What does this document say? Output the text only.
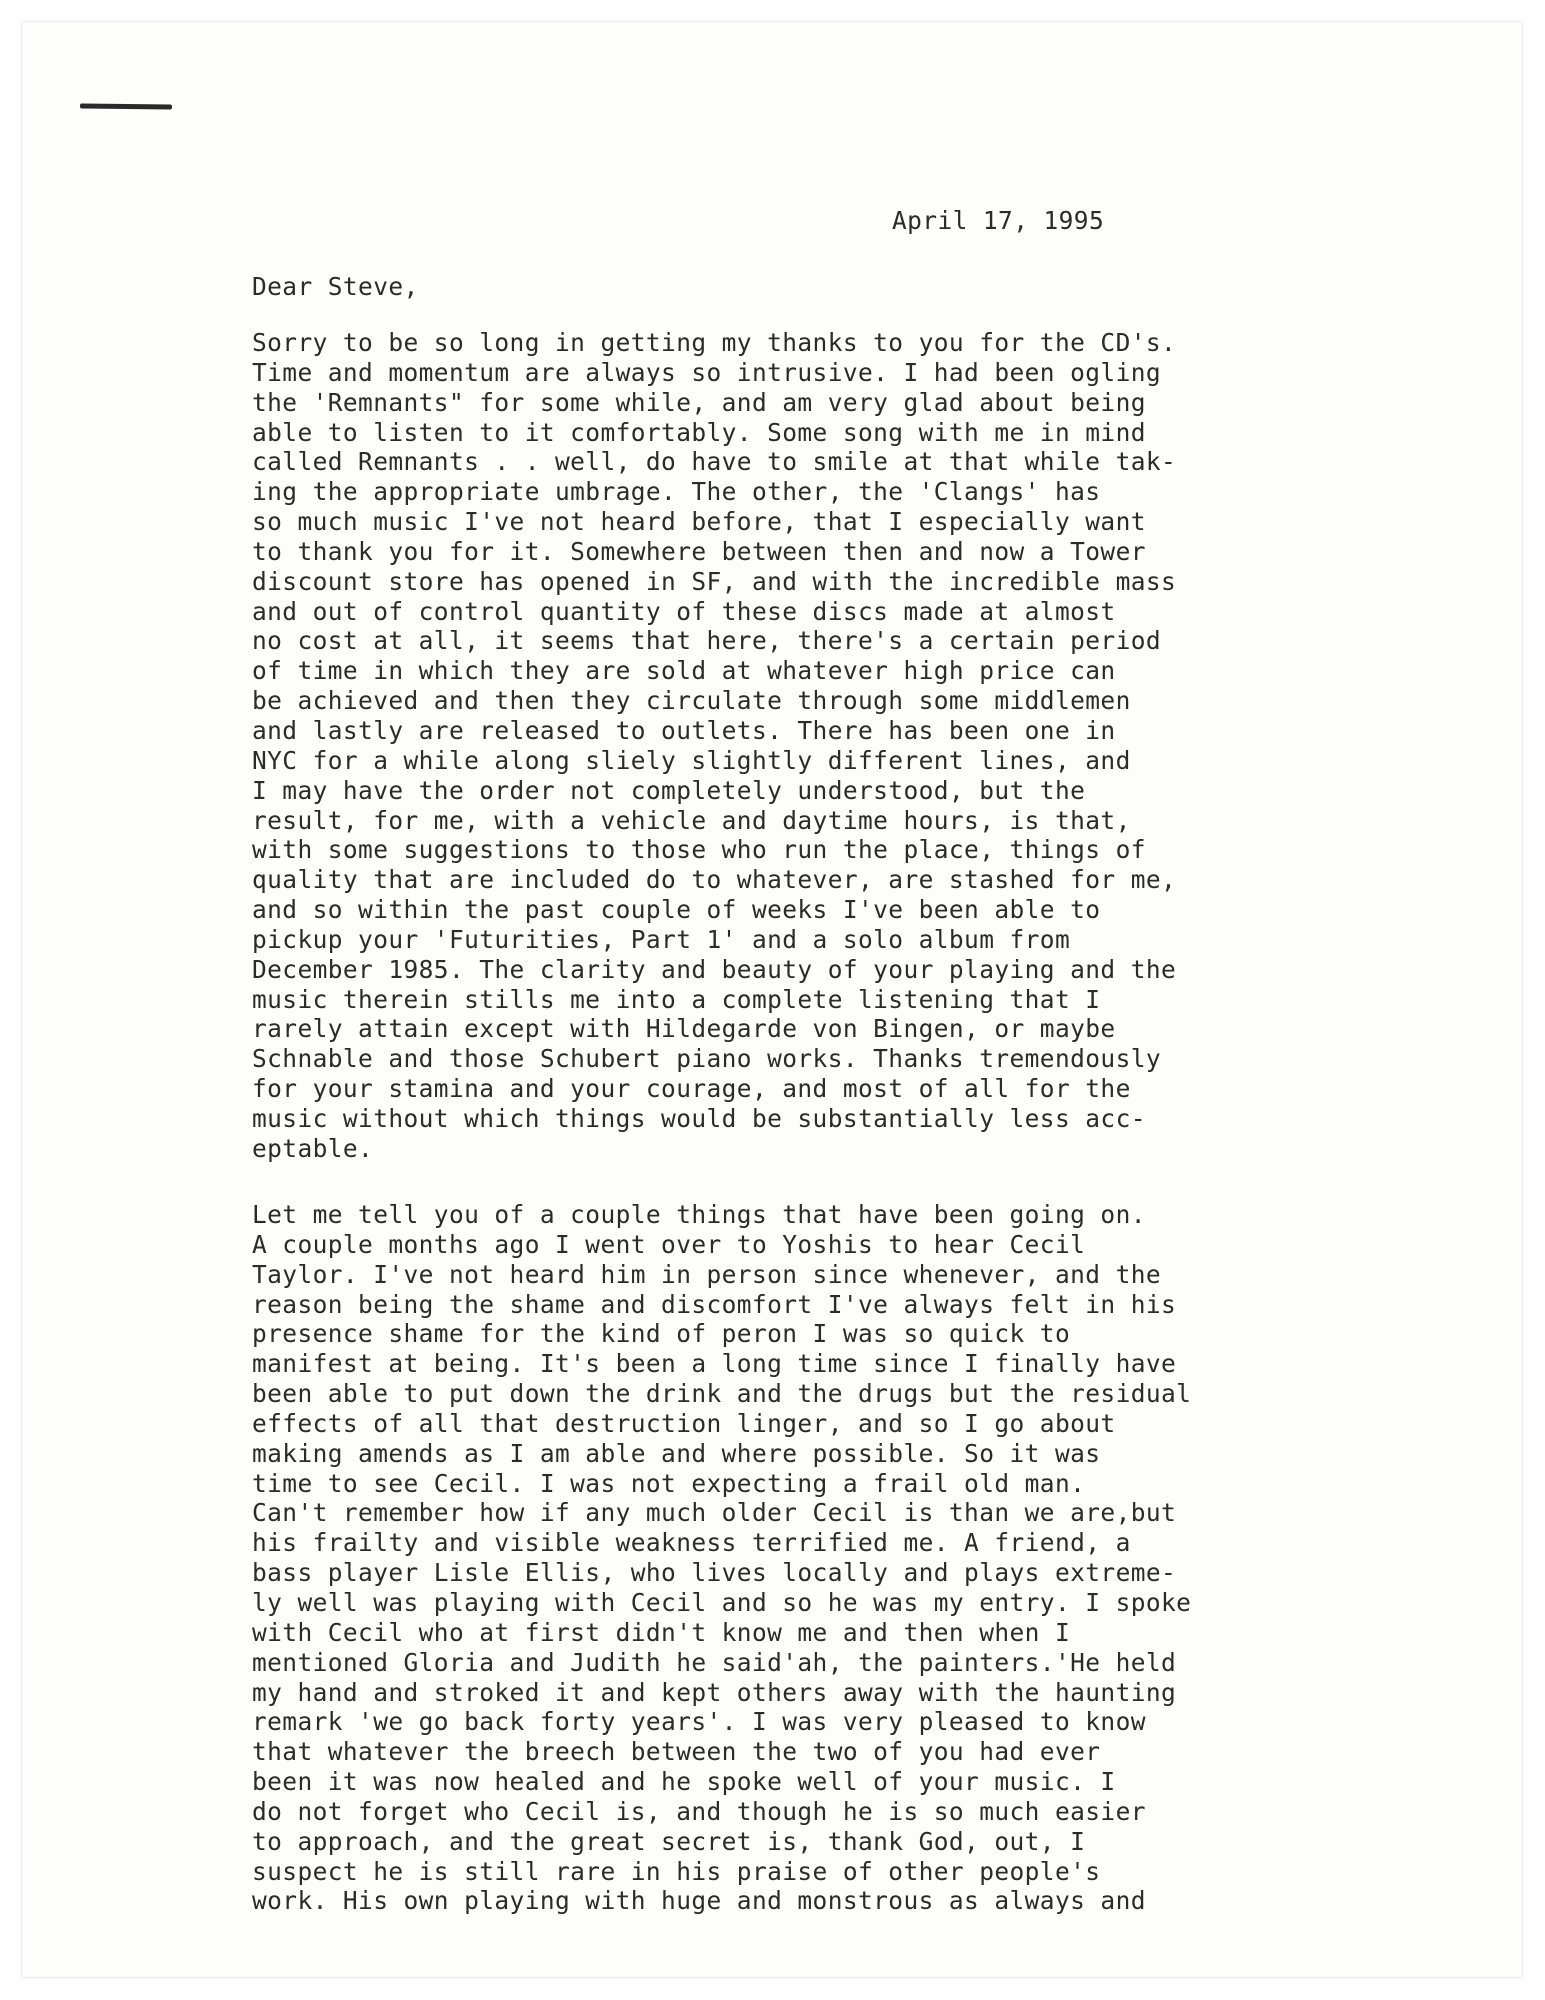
April 17, 1995
Dear Steve,
Sorry to be so long in getting my thanks to you for the CD's.
Time and momentum are always so intrusive. I had been ogling
the 'Remnants" for some while, and am very glad about being
able to listen to it comfortably. Some song with me in mind
called Remnants . . well, do have to smile at that while tak-
ing the appropriate umbrage. The other, the 'Clangs' has
so much music I've not heard before, that I especially want
to thank you for it. Somewhere between then and now a Tower
discount store has opened in SF, and with the incredible mass
and out of control quantity of these discs made at almost
no cost at all, it seems that here, there's a certain period
of time in which they are sold at whatever high price can
be achieved and then they circulate through some middlemen
and lastly are released to outlets. There has been one in
NYC for a while along sliely slightly different lines, and
I may have the order not completely understood, but the
result, for me, with a vehicle and daytime hours, is that,
with some suggestions to those who run the place, things of
quality that are included do to whatever, are stashed for me,
and so within the past couple of weeks I've been able to
pickup your 'Futurities, Part 1' and a solo album from
December 1985. The clarity and beauty of your playing and the
music therein stills me into a complete listening that I
rarely attain except with Hildegarde von Bingen, or maybe
Schnable and those Schubert piano works. Thanks tremendously
for your stamina and your courage, and most of all for the
music without which things would be substantially less acc-
eptable.
Let me tell you of a couple things that have been going on.
A couple months ago I went over to Yoshis to hear Cecil
Taylor. I've not heard him in person since whenever, and the
reason being the shame and discomfort I've always felt in his
presence shame for the kind of peron I was so quick to
manifest at being. It's been a long time since I finally have
been able to put down the drink and the drugs but the residual
effects of all that destruction linger, and so I go about
making amends as I am able and where possible. So it was
time to see Cecil. I was not expecting a frail old man.
Can't remember how if any much older Cecil is than we are,but
his frailty and visible weakness terrified me. A friend, a
bass player Lisle Ellis, who lives locally and plays extreme-
ly well was playing with Cecil and so he was my entry. I spoke
with Cecil who at first didn't know me and then when I
mentioned Gloria and Judith he said'ah, the painters.'He held
my hand and stroked it and kept others away with the haunting
remark 'we go back forty years'. I was very pleased to know
that whatever the breech between the two of you had ever
been it was now healed and he spoke well of your music. I
do not forget who Cecil is, and though he is so much easier
to approach, and the great secret is, thank God, out, I
suspect he is still rare in his praise of other people's
work. His own playing with huge and monstrous as always and
